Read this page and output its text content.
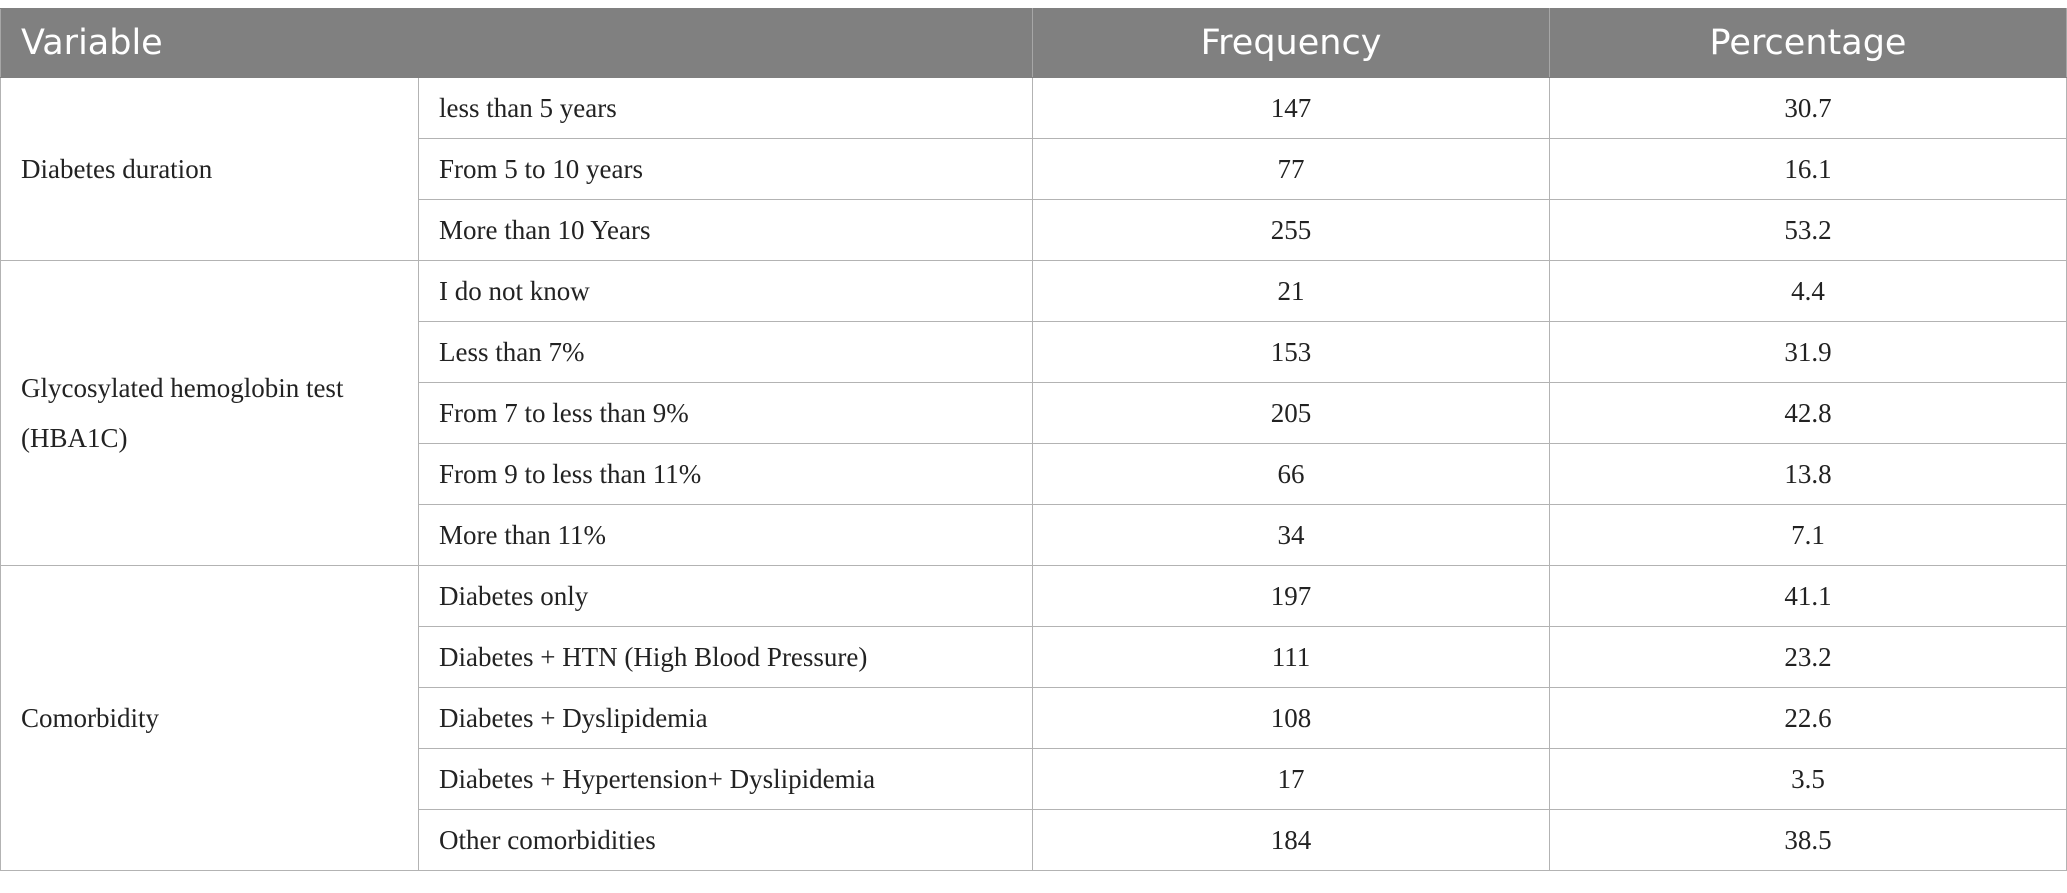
Variable		Frequency	Percentage
Diabetes duration	less than 5 years	147	30.7
	From 5 to 10 years	77	16.1
	More than 10 Years	255	53.2
Glycosylated hemoglobin test (HBA1C)	I do not know	21	4.4
	Less than 7%	153	31.9
	From 7 to less than 9%	205	42.8
	From 9 to less than 11%	66	13.8
	More than 11%	34	7.1
Comorbidity	Diabetes only	197	41.1
	Diabetes + HTN (High Blood Pressure)	111	23.2
	Diabetes + Dyslipidemia	108	22.6
	Diabetes + Hypertension+ Dyslipidemia	17	3.5
	Other comorbidities	184	38.5
